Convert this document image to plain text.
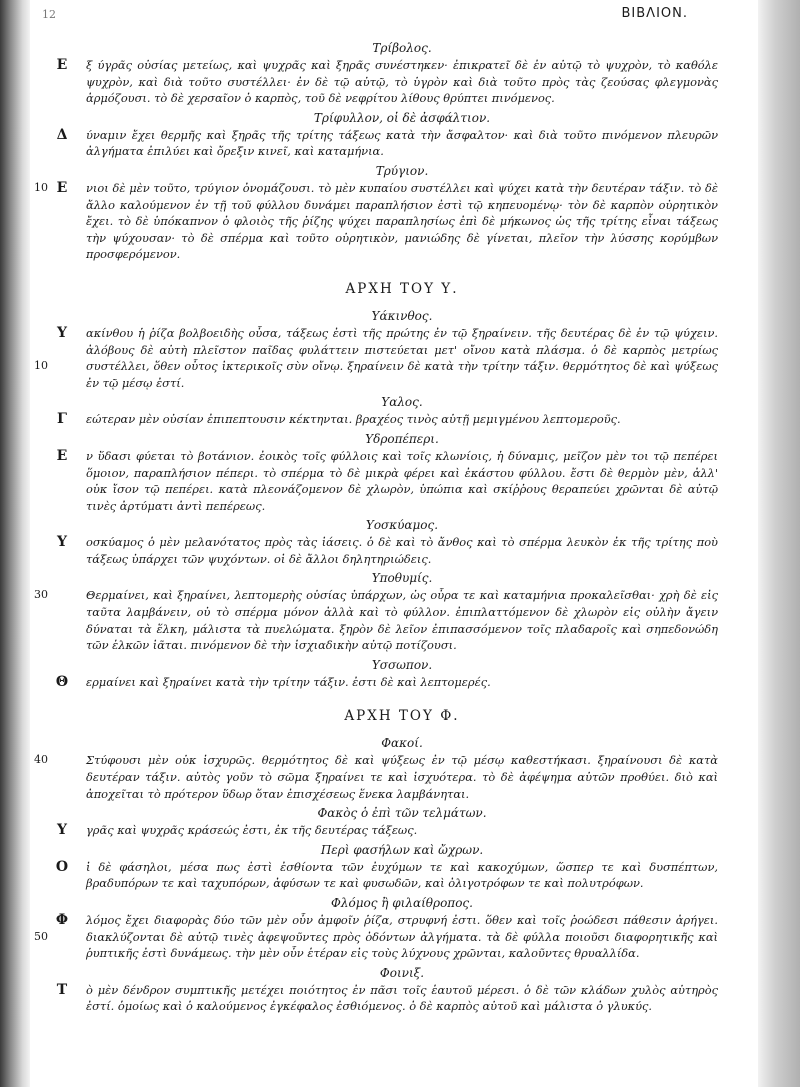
12	ΒΙΒΛΙΟΝ.
Τρίβολος.

Ε ξ ύγρᾶς οὐσίας μετείως, καὶ ψυχρᾶς καὶ ξηρᾶς συνέστηκεν· ἐπικρατεῖ δὲ ἐν αὐτῷ τὸ ψυχρὸν, τὸ καθόλε ψυχρὸν, καὶ διὰ τοῦτο συστέλλει· ἐν δὲ τῷ αὐτῷ, τὸ ὑγρὸν καὶ διὰ τοῦτο πρὸς τὰς ζεούσας φλεγμονὰς ἁρμόζουσι. τὸ δὲ χερσαῖον ὁ καρπὸς, τοῦ δὲ νεφρίτου λίθους θρύπτει πινόμενος.

Τρίφυλλον, οἱ δὲ ἀσφάλτιον.

Δ ύναμιν ἔχει θερμῆς καὶ ξηρᾶς τῆς τρίτης τάξεως κατὰ τὴν ἄσφαλτον· καὶ διὰ τοῦτο πινόμενον πλευρῶν ἀλγήματα ἐπιλύει καὶ ὄρεξιν κινεῖ, καὶ καταμήνια.

Τρύγιον.

Ε
10	νιοι δὲ μὲν τοῦτο, τρύγιον ὀνομάζουσι. τὸ μὲν κυπαίου συστέλλει καὶ ψύχει κατὰ τὴν δευτέραν τάξιν. τὸ δὲ ἄλλο καλούμενον ἐν τῇ τοῦ φύλλου δυνάμει παραπλήσιον ἐστὶ τῷ κηπευομένῳ· τὸν δὲ καρπὸν οὐρητικὸν ἔχει. τὸ δὲ ὑπόκαπνον ὁ φλοιὸς τῆς ῥίζης ψύχει παραπλησίως ἐπὶ δὲ μήκωνος ὡς τῆς τρίτης εἶναι τάξεως τὴν ψύχουσαν· τὸ δὲ σπέρμα καὶ τοῦτο οὐρητικὸν, μανιώδης δὲ γίνεται, πλεῖον τὴν λύσσης κορύμβων προσφερόμενον.

ΑΡΧΗ ΤΟΥ Υ.
Υάκινθος.

Υ
10
ακίνθου ἡ ῥίζα βολβοειδὴς οὖσα, τάξεως ἐστὶ τῆς πρώτης ἐν τῷ ξηραίνειν. τῆς δευτέρας δὲ ἐν τῷ ψύχειν. ἀλόβους δὲ αὐτὴ πλεῖστον παῖδας φυλάττειν πιστεύεται μετ' οἴνου κατὰ πλάσμα. ὁ δὲ καρπὸς μετρίως συστέλλει, ὅθεν οὗτος ἰκτερικοῖς σὺν οἴνῳ. ξηραίνειν δὲ κατὰ τὴν τρίτην τάξιν. θερμότητος δὲ καὶ ψύξεως ἐν τῷ μέσῳ ἐστί.

Υαλος.

Γ εώτεραν μὲν οὐσίαν ἐπιπεπτουσιν κέκτηνται. βραχέος τινὸς αὐτῇ μεμιγμένου λεπτομεροῦς.

Υδροπέπερι.

Ε ν ὕδασι φύεται τὸ βοτάνιον. ἐοικὸς τοῖς φύλλοις καὶ τοῖς κλωνίοις, ἡ δύναμις, μεῖζον μὲν τοι τῷ πεπέρει ὅμοιον, παραπλήσιον πέπερι. τὸ σπέρμα τὸ δὲ μικρὰ φέρει καὶ ἐκάστου φύλλου. ἔστι δὲ θερμὸν μὲν, ἀλλ' οὐκ ἴσον τῷ πεπέρει. κατὰ πλεονάζομενον δὲ χλωρὸν, ὑπώπια καὶ σκίῤῥους θεραπεύει χρῶνται δὲ αὐτῷ τινὲς ἀρτύματι ἀντὶ πεπέρεως.

Υοσκύαμος.

Υ οσκύαμος ὁ μὲν μελανότατος πρὸς τὰς ἰάσεις. ὁ δὲ καὶ τὸ ἄνθος καὶ τὸ σπέρμα λευκὸν ἐκ τῆς τρίτης ποὺ τάξεως ὑπάρχει τῶν ψυχόντων. οἱ δὲ ἄλλοι δηλητηριώδεις.

Υποθυμίς.

30	Θερμαίνει, καὶ ξηραίνει, λεπτομερὴς οὐσίας ὑπάρχων, ὡς οὖρα τε καὶ καταμήνια προκαλεῖσθαι· χρὴ δὲ εἰς ταῦτα λαμβάνειν, οὐ τὸ σπέρμα μόνον ἀλλὰ καὶ τὸ φύλλον. ἐπιπλαττόμενον δὲ χλωρὸν εἰς οὐλὴν ἄγειν δύναται τὰ ἕλκη, μάλιστα τὰ πυελώματα. ξηρὸν δὲ λεῖον ἐπιπασσόμενον τοῖς πλαδαροῖς καὶ σηπεδονώδη τῶν ἑλκῶν ἰᾶται. πινόμενον δὲ τὴν ἰσχιαδικὴν αὐτῷ ποτίζουσι.

Υσσωπον.

Θ ερμαίνει καὶ ξηραίνει κατὰ τὴν τρίτην τάξιν. ἐστι δὲ καὶ λεπτομερές.

ΑΡΧΗ ΤΟΥ Φ.
Φακοί.

40	Στύφουσι μὲν οὐκ ἰσχυρῶς. θερμότητος δὲ καὶ ψύξεως ἐν τῷ μέσῳ καθεστήκασι. ξηραίνουσι δὲ κατὰ δευτέραν τάξιν. αὐτὸς γοῦν τὸ σῶμα ξηραίνει τε καὶ ἰσχυότερα. τὸ δὲ ἀφέψημα αὐτῶν προθύει. διὸ καὶ ἀποχεῖται τὸ πρότερον ὕδωρ ὅταν ἐπισχέσεως ἕνεκα λαμβάνηται.

Φακὸς ὁ ἐπὶ τῶν τελμάτων.

Υ γρᾶς καὶ ψυχρᾶς κράσεώς ἐστι, ἐκ τῆς δευτέρας τάξεως.

Περὶ φασήλων καὶ ὤχρων.

Ο ἱ δὲ φάσηλοι, μέσα πως ἐστὶ ἐσθίοντα τῶν ἐυχύμων τε καὶ κακοχύμων, ὥσπερ τε καὶ δυσπέπτων, βραδυπόρων τε καὶ ταχυπόρων, ἀφύσων τε καὶ φυσωδῶν, καὶ ὀλιγοτρόφων τε καὶ πολυτρόφων.

Φλόμος ἢ φιλαίθροπος.

Φ
50
λόμος ἔχει διαφορὰς δύο τῶν μὲν οὖν ἀμφοῖν ῥίζα, στρυφνή ἐστι. ὅθεν καὶ τοῖς ῥοώδεσι πάθεσιν ἀρήγει. διακλύζονται δὲ αὐτῷ τινὲς ἀφεψοῦντες πρὸς ὀδόντων ἀλγήματα. τὰ δὲ φύλλα ποιοῦσι διαφορητικῆς καὶ ῥυπτικῆς ἐστὶ δυνάμεως. τὴν μὲν οὖν ἑτέραν εἰς τοὺς λύχνους χρῶνται, καλοῦντες θρυαλλίδα.

Φοινιξ.

Τ ὸ μὲν δένδρον συμπτικῆς μετέχει ποιότητος ἐν πᾶσι τοῖς ἑαυτοῦ μέρεσι. ὁ δὲ τῶν κλάδων χυλὸς αὐτηρὸς ἐστί. ὁμοίως καὶ ὁ καλούμενος ἐγκέφαλος ἐσθιόμενος. ὁ δὲ καρπὸς αὐτοῦ καὶ μάλιστα ὁ γλυκύς.
